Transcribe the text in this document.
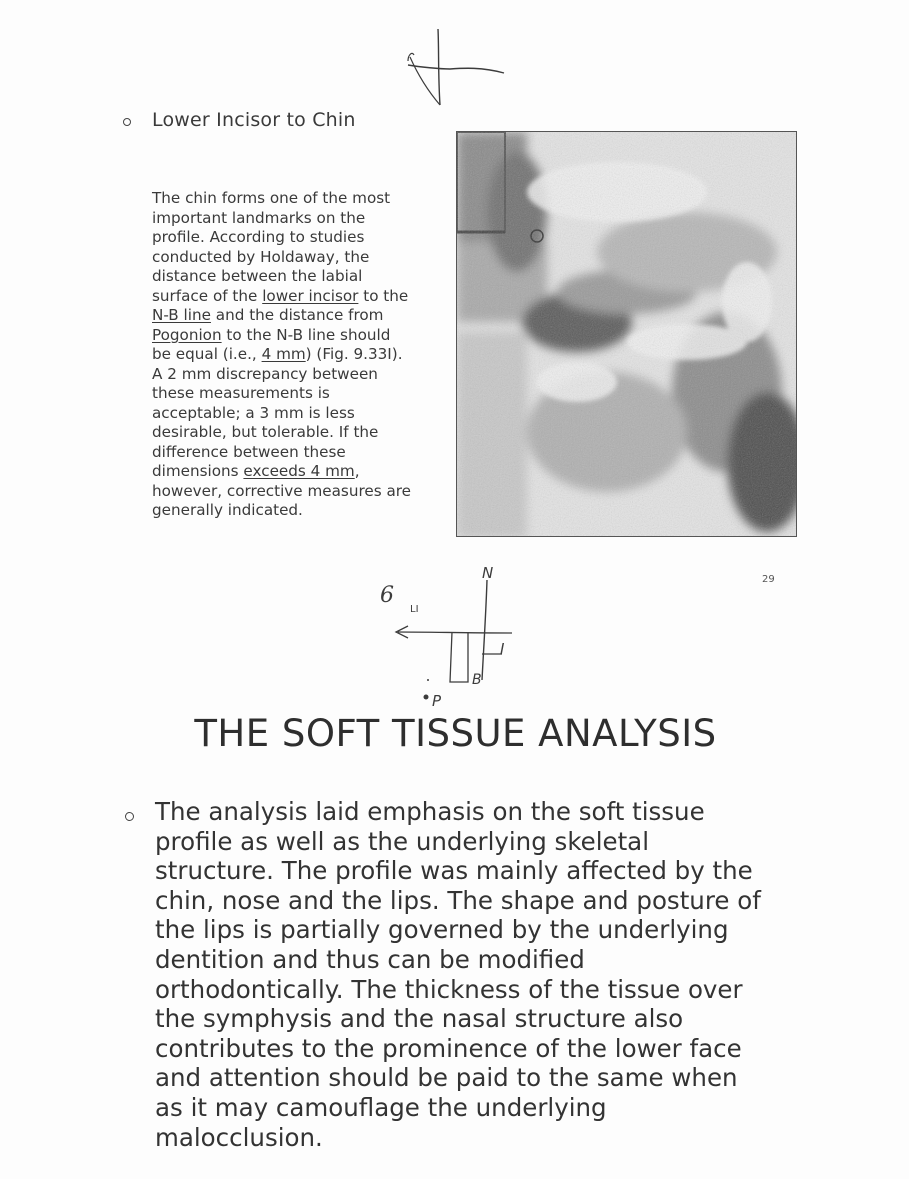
Lower Incisor to Chin

The chin forms one of the most
important landmarks on the
profile. According to studies
conducted by Holdaway, the
distance between the labial
surface of the lower incisor to the
N-B line and the distance from
Pogonion to the N-B line should
be equal (i.e., 4 mm) (Fig. 9.33I).
A 2 mm discrepancy between
these measurements is
acceptable; a 3 mm is less
desirable, but tolerable. If the
difference between these
dimensions exceeds 4 mm,
however, corrective measures are
generally indicated.

29
N
6
LI
I
B
P
THE SOFT TISSUE ANALYSIS

The analysis laid emphasis on the soft tissue
profile as well as the underlying skeletal
structure. The profile was mainly affected by the
chin, nose and the lips. The shape and posture of
the lips is partially governed by the underlying
dentition and thus can be modified
orthodontically. The thickness of the tissue over
the symphysis and the nasal structure also
contributes to the prominence of the lower face
and attention should be paid to the same when
as it may camouflage the underlying
malocclusion.
